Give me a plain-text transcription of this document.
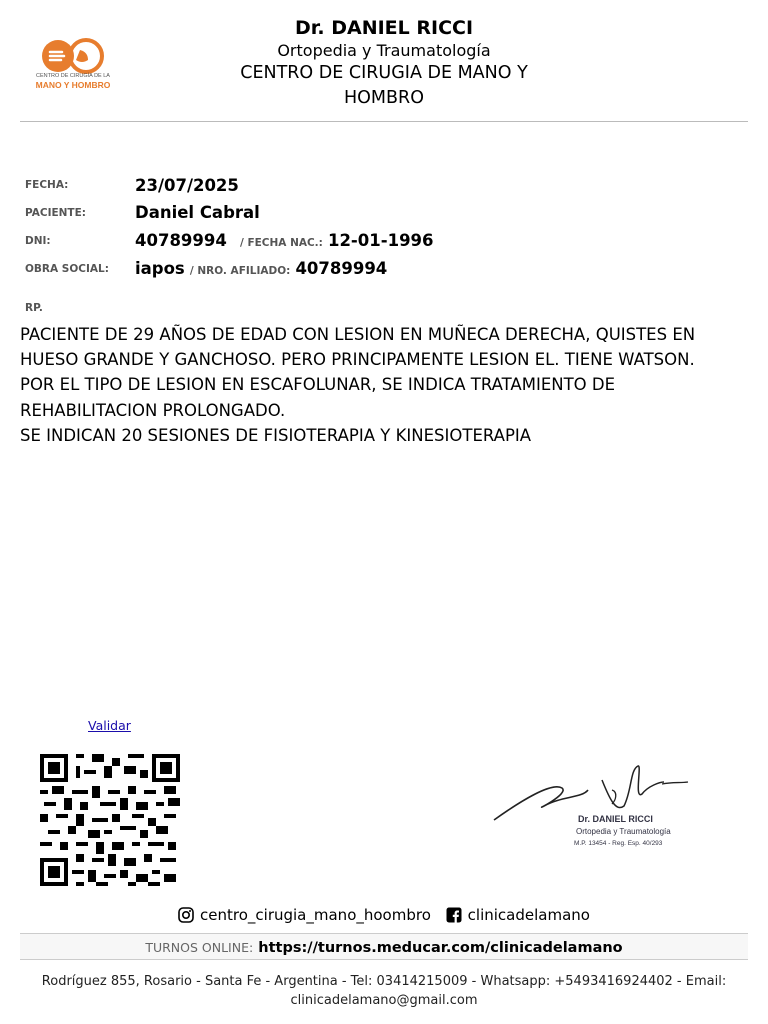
CENTRO DE CIRUGÍA DE LA
MANO Y HOMBRO
Dr. DANIEL RICCI
Ortopedia y Traumatología
CENTRO DE CIRUGIA DE MANO Y
HOMBRO
FECHA:	23/07/2025
PACIENTE:	Daniel Cabral
DNI:	40789994 / FECHA NAC.: 12-01-1996
OBRA SOCIAL: iapos / NRO. AFILIADO: 40789994
RP.
PACIENTE DE 29 AÑOS DE EDAD CON LESION EN MUÑECA DERECHA, QUISTES EN HUESO GRANDE Y GANCHOSO. PERO PRINCIPAMENTE LESION EL. TIENE WATSON.
POR EL TIPO DE LESION EN ESCAFOLUNAR, SE INDICA TRATAMIENTO DE REHABILITACION PROLONGADO.
SE INDICAN 20 SESIONES DE FISIOTERAPIA Y KINESIOTERAPIA
Validar
Dr. DANIEL RICCI
Ortopedia y Traumatología
M.P. 13454 - Reg. Esp. 40/293
centro_cirugia_mano_hoombro
clinicadelamano
TURNOS ONLINE: https://turnos.meducar.com/clinicadelamano
Rodríguez 855, Rosario - Santa Fe - Argentina - Tel: 03414215009 - Whatsapp: +5493416924402 - Email: clinicadelamano@gmail.com
